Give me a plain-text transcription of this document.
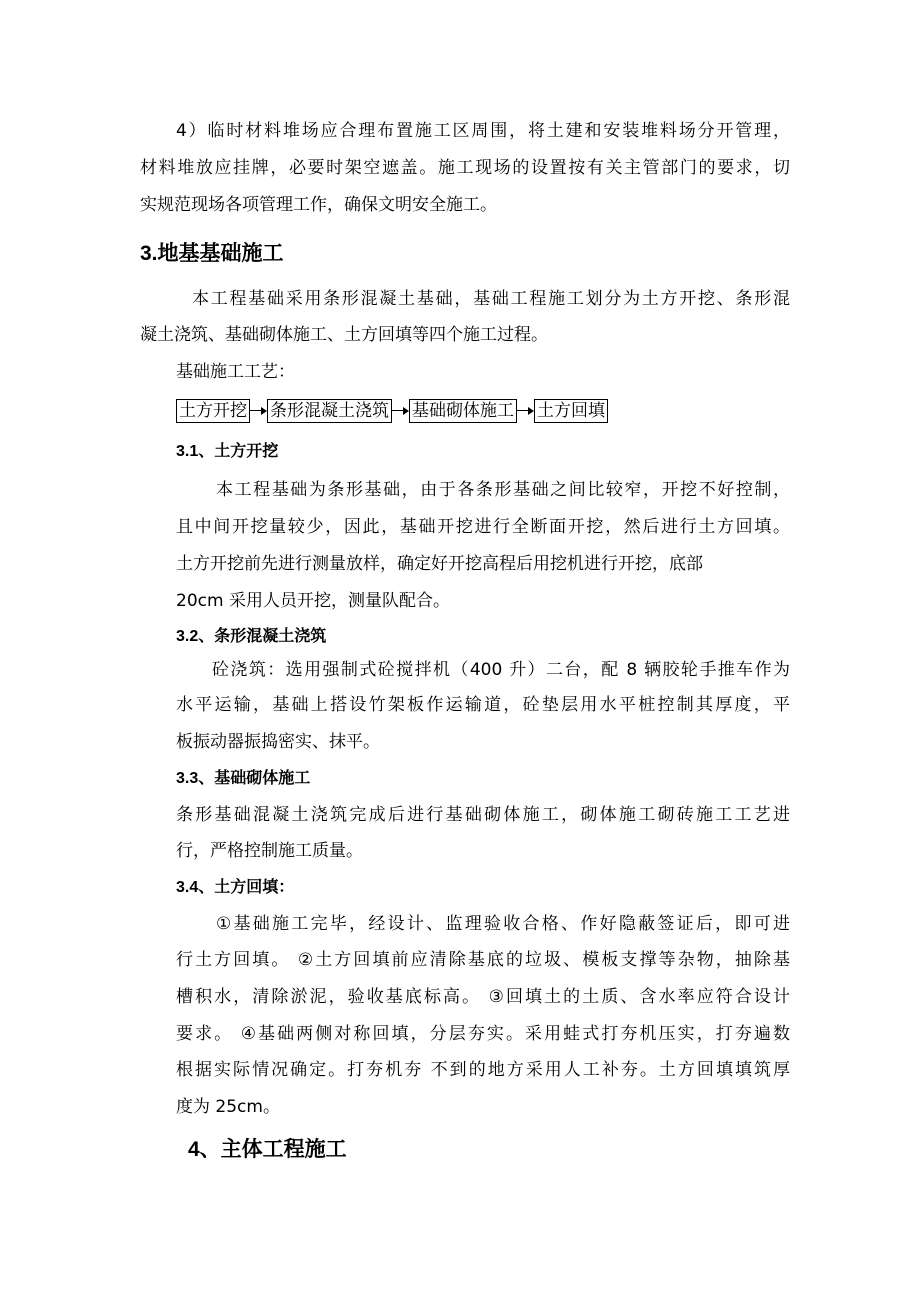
4）临时材料堆场应合理布置施工区周围，将土建和安装堆料场分开管理，
材料堆放应挂牌，必要时架空遮盖。施工现场的设置按有关主管部门的要求，切
实规范现场各项管理工作，确保文明安全施工。
3.地基基础施工
本工程基础采用条形混凝土基础，基础工程施工划分为土方开挖、条形混
凝土浇筑、基础砌体施工、土方回填等四个施工过程。
基础施工工艺：
土方开挖 条形混凝土浇筑 基础砌体施工 土方回填
3.1、土方开挖
本工程基础为条形基础，由于各条形基础之间比较窄，开挖不好控制，
且中间开挖量较少，因此，基础开挖进行全断面开挖，然后进行土方回填。
土方开挖前先进行测量放样，确定好开挖高程后用挖机进行开挖，底部
20cm 采用人员开挖，测量队配合。
3.2、条形混凝土浇筑
砼浇筑：选用强制式砼搅拌机（400 升）二台，配 8 辆胶轮手推车作为
水平运输，基础上搭设竹架板作运输道，砼垫层用水平桩控制其厚度，平
板振动器振捣密实、抹平。
3.3、基础砌体施工
条形基础混凝土浇筑完成后进行基础砌体施工，砌体施工砌砖施工工艺进
行，严格控制施工质量。
3.4、土方回填：
①基础施工完毕，经设计、监理验收合格、作好隐蔽签证后，即可进
行土方回填。 ②土方回填前应清除基底的垃圾、模板支撑等杂物，抽除基
槽积水，清除淤泥，验收基底标高。 ③回填土的土质、含水率应符合设计
要求。 ④基础两侧对称回填，分层夯实。采用蛙式打夯机压实，打夯遍数
根据实际情况确定。打夯机夯 不到的地方采用人工补夯。土方回填填筑厚
度为 25cm。
4、主体工程施工
